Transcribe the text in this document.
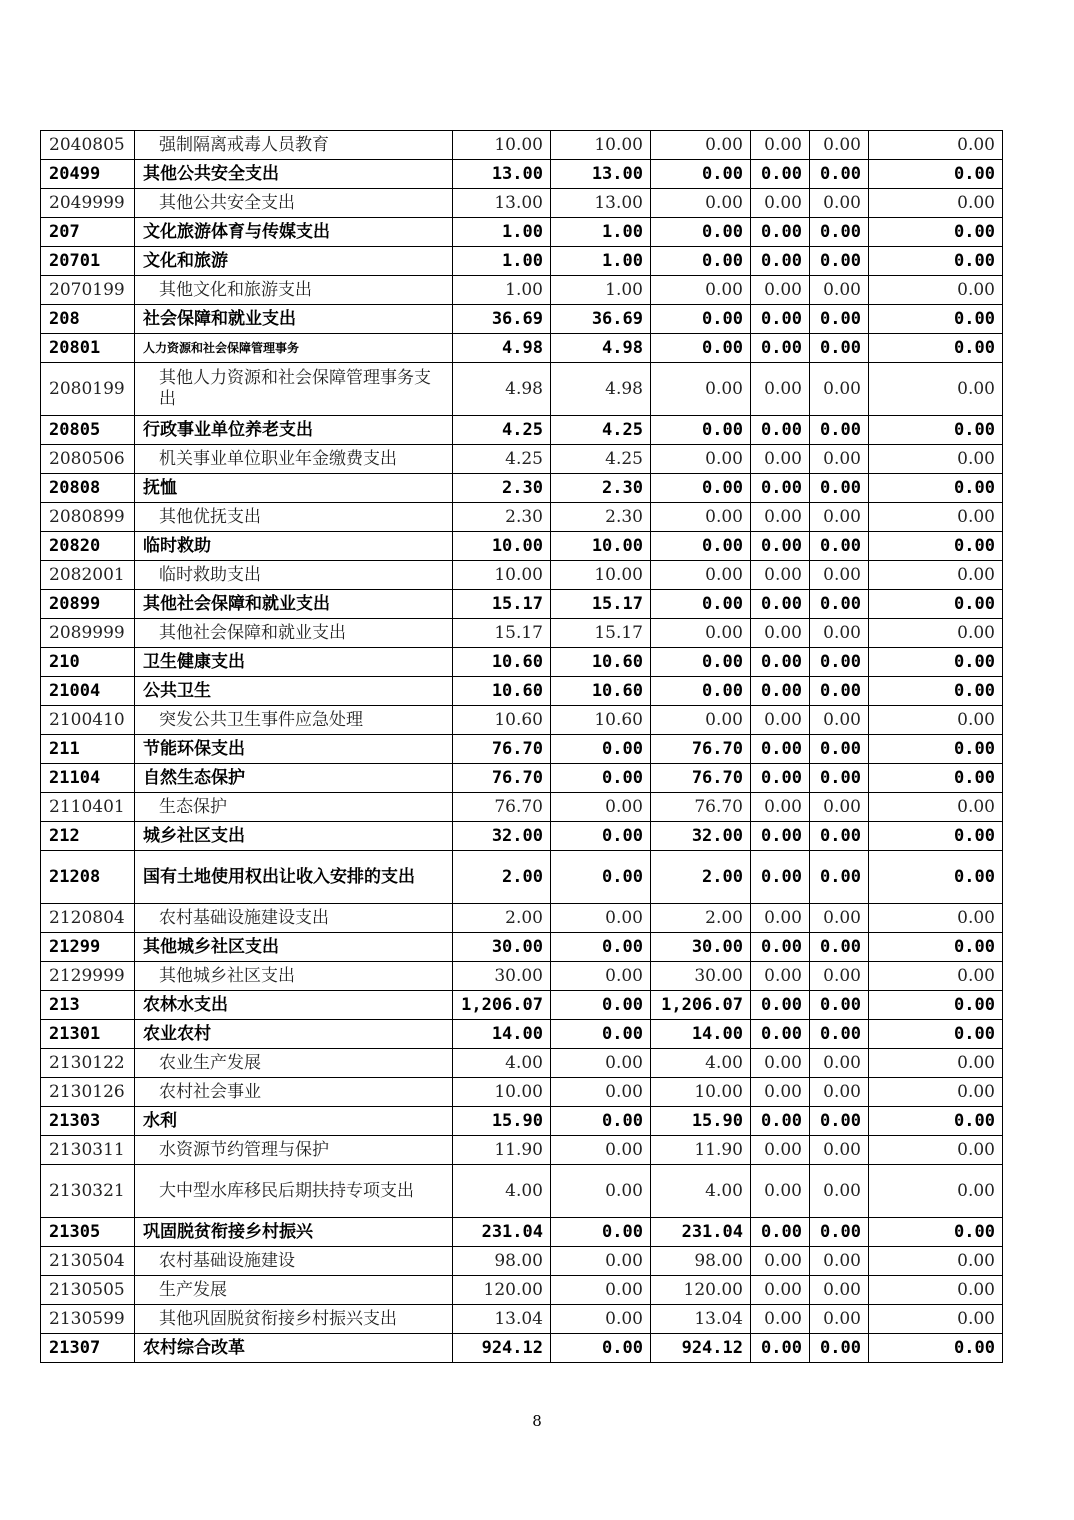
2040805	强制隔离戒毒人员教育	10.00	10.00	0.00	0.00	0.00	0.00
20499	其他公共安全支出	13.00	13.00	0.00	0.00	0.00	0.00
2049999	其他公共安全支出	13.00	13.00	0.00	0.00	0.00	0.00
207	文化旅游体育与传媒支出	1.00	1.00	0.00	0.00	0.00	0.00
20701	文化和旅游	1.00	1.00	0.00	0.00	0.00	0.00
2070199	其他文化和旅游支出	1.00	1.00	0.00	0.00	0.00	0.00
208	社会保障和就业支出	36.69	36.69	0.00	0.00	0.00	0.00
20801	人力资源和社会保障管理事务	4.98	4.98	0.00	0.00	0.00	0.00
2080199	其他人力资源和社会保障管理事务支出	4.98	4.98	0.00	0.00	0.00	0.00
20805	行政事业单位养老支出	4.25	4.25	0.00	0.00	0.00	0.00
2080506	机关事业单位职业年金缴费支出	4.25	4.25	0.00	0.00	0.00	0.00
20808	抚恤	2.30	2.30	0.00	0.00	0.00	0.00
2080899	其他优抚支出	2.30	2.30	0.00	0.00	0.00	0.00
20820	临时救助	10.00	10.00	0.00	0.00	0.00	0.00
2082001	临时救助支出	10.00	10.00	0.00	0.00	0.00	0.00
20899	其他社会保障和就业支出	15.17	15.17	0.00	0.00	0.00	0.00
2089999	其他社会保障和就业支出	15.17	15.17	0.00	0.00	0.00	0.00
210	卫生健康支出	10.60	10.60	0.00	0.00	0.00	0.00
21004	公共卫生	10.60	10.60	0.00	0.00	0.00	0.00
2100410	突发公共卫生事件应急处理	10.60	10.60	0.00	0.00	0.00	0.00
211	节能环保支出	76.70	0.00	76.70	0.00	0.00	0.00
21104	自然生态保护	76.70	0.00	76.70	0.00	0.00	0.00
2110401	生态保护	76.70	0.00	76.70	0.00	0.00	0.00
212	城乡社区支出	32.00	0.00	32.00	0.00	0.00	0.00
21208	国有土地使用权出让收入安排的支出	2.00	0.00	2.00	0.00	0.00	0.00
2120804	农村基础设施建设支出	2.00	0.00	2.00	0.00	0.00	0.00
21299	其他城乡社区支出	30.00	0.00	30.00	0.00	0.00	0.00
2129999	其他城乡社区支出	30.00	0.00	30.00	0.00	0.00	0.00
213	农林水支出	1,206.07	0.00	1,206.07	0.00	0.00	0.00
21301	农业农村	14.00	0.00	14.00	0.00	0.00	0.00
2130122	农业生产发展	4.00	0.00	4.00	0.00	0.00	0.00
2130126	农村社会事业	10.00	0.00	10.00	0.00	0.00	0.00
21303	水利	15.90	0.00	15.90	0.00	0.00	0.00
2130311	水资源节约管理与保护	11.90	0.00	11.90	0.00	0.00	0.00
2130321	大中型水库移民后期扶持专项支出	4.00	0.00	4.00	0.00	0.00	0.00
21305	巩固脱贫衔接乡村振兴	231.04	0.00	231.04	0.00	0.00	0.00
2130504	农村基础设施建设	98.00	0.00	98.00	0.00	0.00	0.00
2130505	生产发展	120.00	0.00	120.00	0.00	0.00	0.00
2130599	其他巩固脱贫衔接乡村振兴支出	13.04	0.00	13.04	0.00	0.00	0.00
21307	农村综合改革	924.12	0.00	924.12	0.00	0.00	0.00
8
